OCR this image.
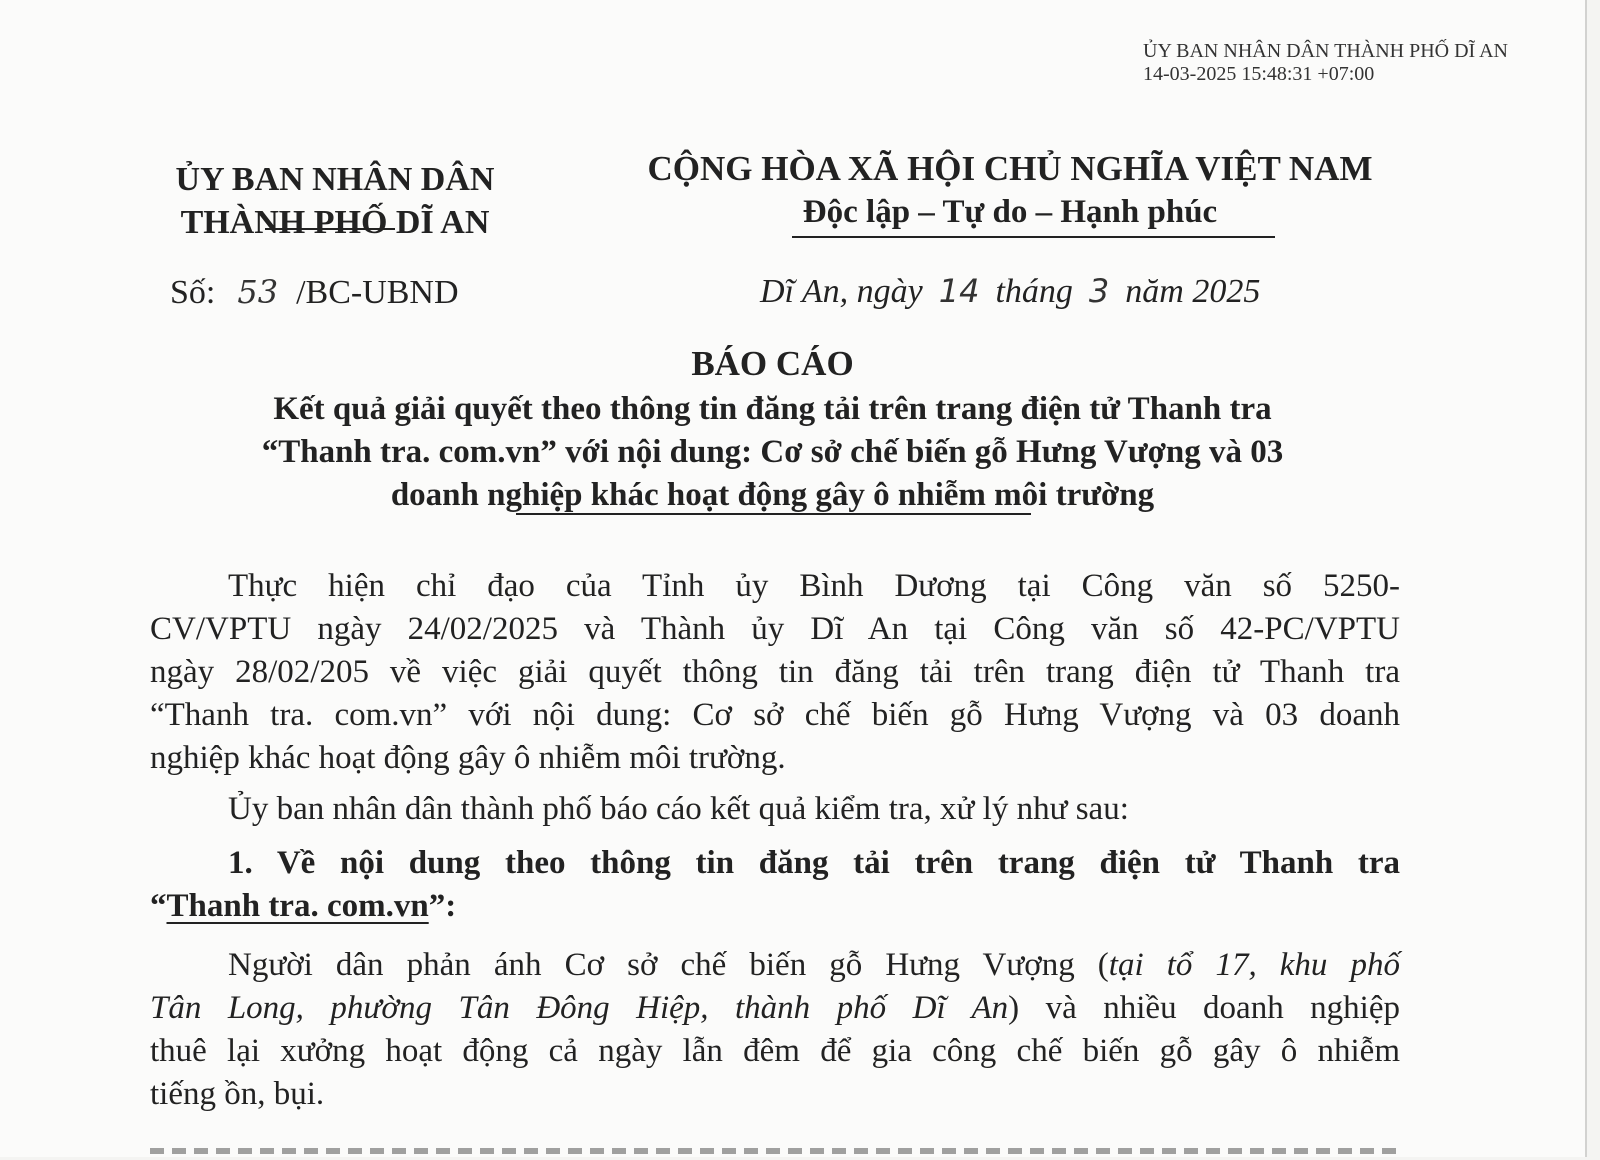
ỦY BAN NHÂN DÂN THÀNH PHỐ DĨ AN
14-03-2025 15:48:31 +07:00
ỦY BAN NHÂN DÂN
THÀNH PHỐ DĨ AN
CỘNG HÒA XÃ HỘI CHỦ NGHĨA VIỆT NAM
Độc lập – Tự do – Hạnh phúc
Số: 53 /BC-UBND	Dĩ An, ngày 14 tháng 3 năm 2025
BÁO CÁO
Kết quả giải quyết theo thông tin đăng tải trên trang điện tử Thanh tra
“Thanh tra. com.vn” với nội dung: Cơ sở chế biến gỗ Hưng Vượng và 03
doanh nghiệp khác hoạt động gây ô nhiễm môi trường
Thực hiện chỉ đạo của Tỉnh ủy Bình Dương tại Công văn số 5250-
CV/VPTU ngày 24/02/2025 và Thành ủy Dĩ An tại Công văn số 42-PC/VPTU
ngày 28/02/205 về việc giải quyết thông tin đăng tải trên trang điện tử Thanh tra
“Thanh tra. com.vn” với nội dung: Cơ sở chế biến gỗ Hưng Vượng và 03 doanh
nghiệp khác hoạt động gây ô nhiễm môi trường.
Ủy ban nhân dân thành phố báo cáo kết quả kiểm tra, xử lý như sau:
1. Về nội dung theo thông tin đăng tải trên trang điện tử Thanh tra
“Thanh tra. com.vn”:
Người dân phản ánh Cơ sở chế biến gỗ Hưng Vượng (tại tổ 17, khu phố
Tân Long, phường Tân Đông Hiệp, thành phố Dĩ An) và nhiều doanh nghiệp
thuê lại xưởng hoạt động cả ngày lẫn đêm để gia công chế biến gỗ gây ô nhiễm
tiếng ồn, bụi.
